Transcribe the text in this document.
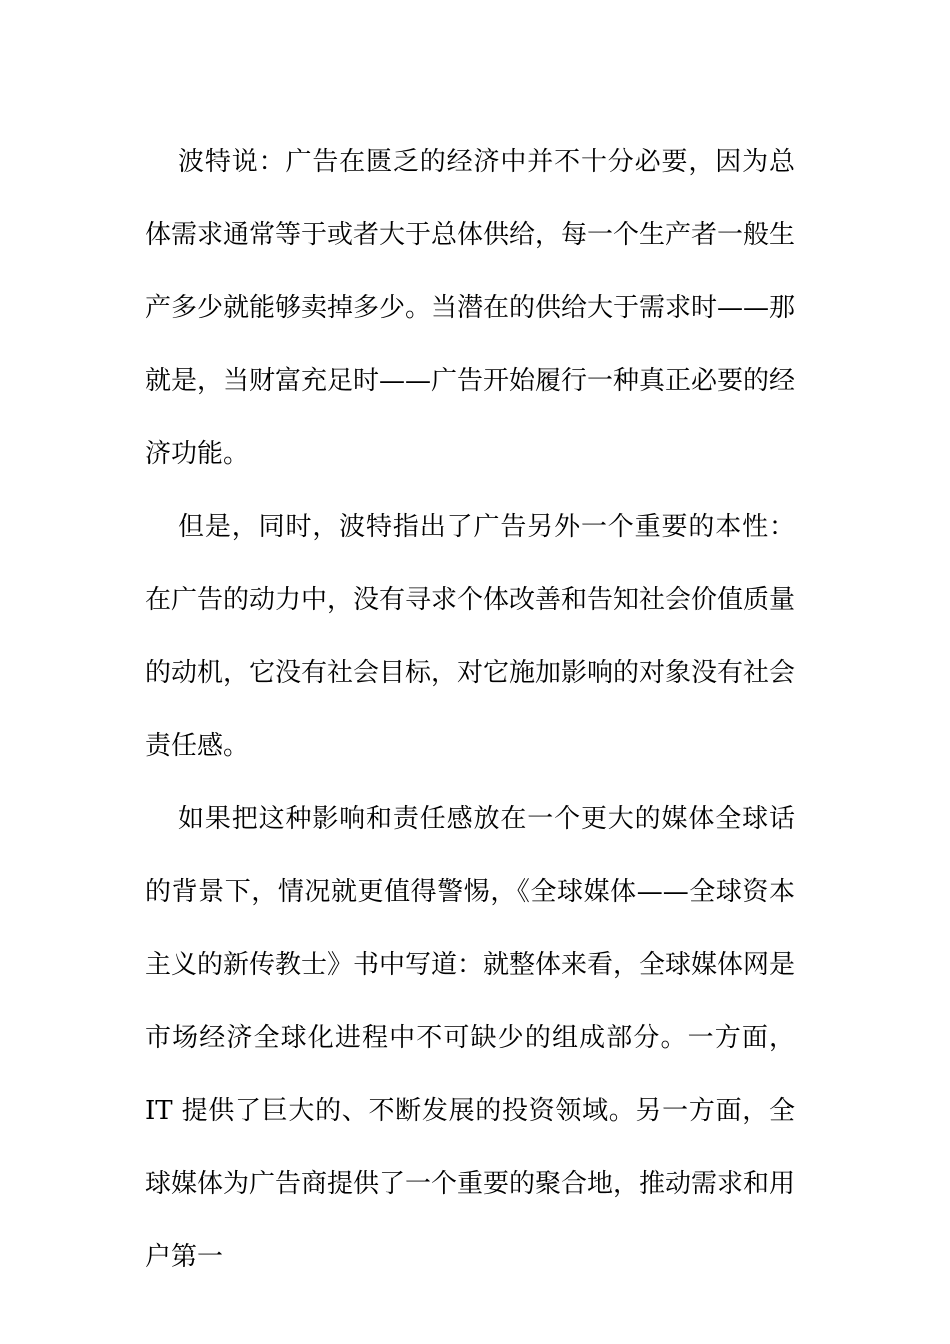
波特说：广告在匮乏的经济中并不十分必要，因为总体需求通常等于或者大于总体供给，每一个生产者一般生产多少就能够卖掉多少。当潜在的供给大于需求时——那就是，当财富充足时——广告开始履行一种真正必要的经济功能。

但是，同时，波特指出了广告另外一个重要的本性：在广告的动力中，没有寻求个体改善和告知社会价值质量的动机，它没有社会目标，对它施加影响的对象没有社会责任感。

如果把这种影响和责任感放在一个更大的媒体全球话的背景下，情况就更值得警惕，《全球媒体——全球资本主义的新传教士》书中写道：就整体来看，全球媒体网是市场经济全球化进程中不可缺少的组成部分。一方面，IT 提供了巨大的、不断发展的投资领域。另一方面，全球媒体为广告商提供了一个重要的聚合地，推动需求和用户第一
